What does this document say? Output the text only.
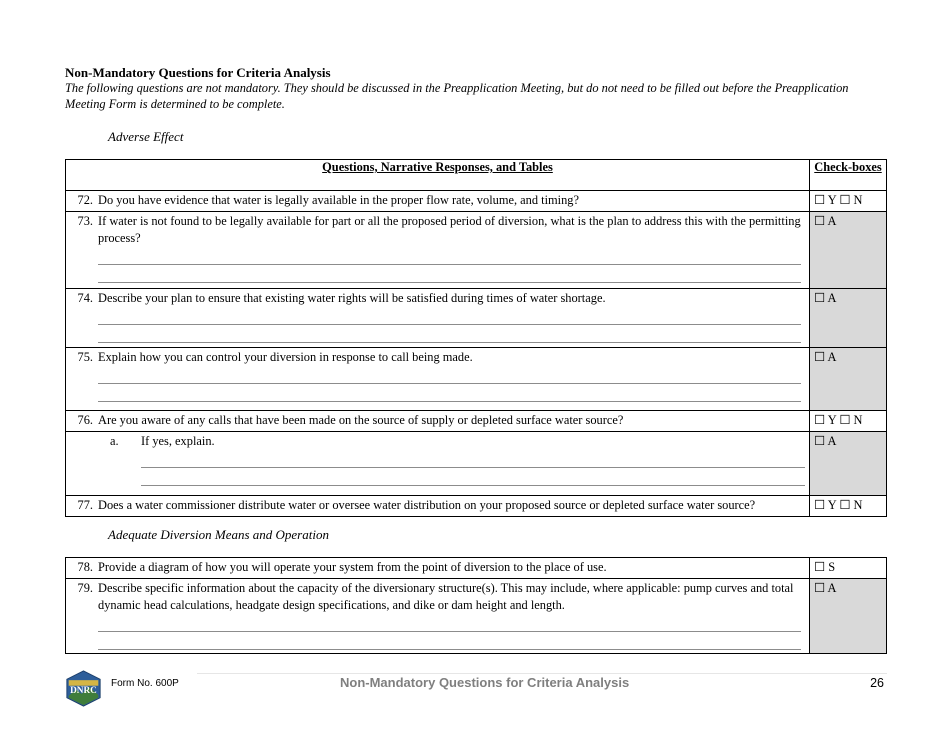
Non-Mandatory Questions for Criteria Analysis
The following questions are not mandatory. They should be discussed in the Preapplication Meeting, but do not need to be filled out before the Preapplication Meeting Form is determined to be complete.
Adverse Effect
Questions, Narrative Responses, and Tables	Check-boxes

72. Do you have evidence that water is legally available in the proper flow rate, volume, and timing?	☐ Y ☐ N

73. If water is not found to be legally available for part or all the proposed period of diversion, what is the plan to address this with the permitting process?	☐ A

74. Describe your plan to ensure that existing water rights will be satisfied during times of water shortage.	☐ A

75. Explain how you can control your diversion in response to call being made.	☐ A

76. Are you aware of any calls that have been made on the source of supply or depleted surface water source?	☐ Y ☐ N

a. If yes, explain.	☐ A

77. Does a water commissioner distribute water or oversee water distribution on your proposed source or depleted surface water source?	☐ Y ☐ N
Adequate Diversion Means and Operation
78. Provide a diagram of how you will operate your system from the point of diversion to the place of use.	☐ S

79. Describe specific information about the capacity of the diversionary structure(s). This may include, where applicable: pump curves and total dynamic head calculations, headgate design specifications, and dike or dam height and length.	☐ A
DNRC
Form No. 600P	Non-Mandatory Questions for Criteria Analysis	26
